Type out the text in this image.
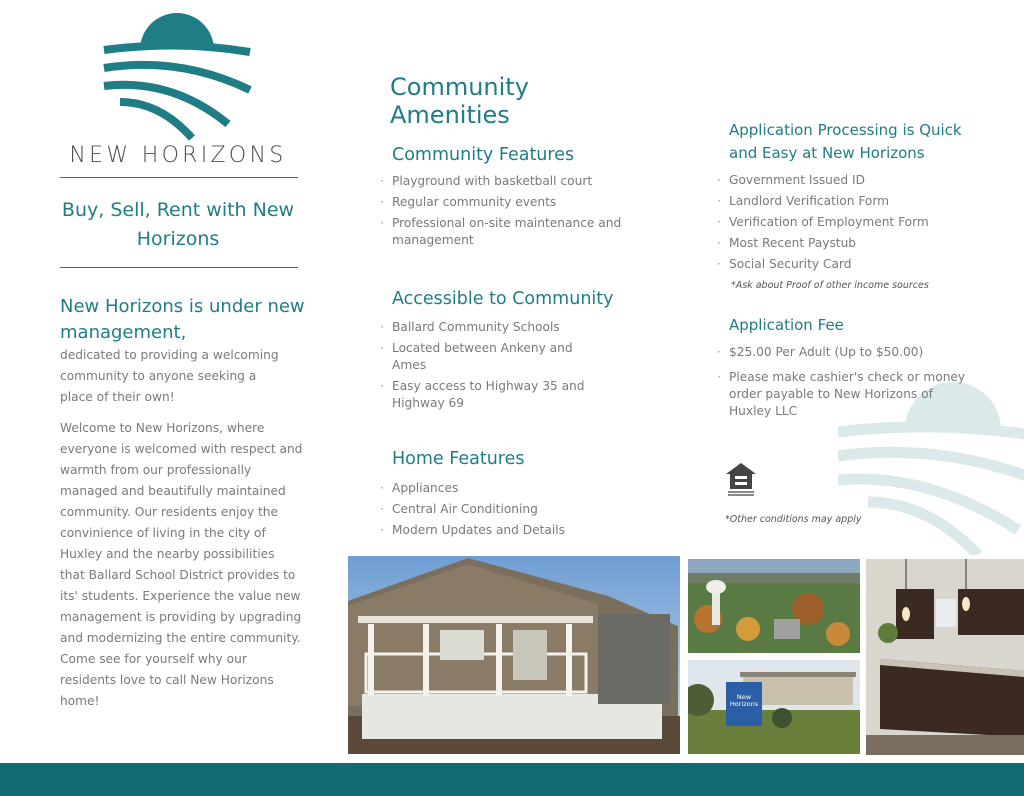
NEW HORIZONS
Buy, Sell, Rent with New Horizons
New Horizons is under new management,
dedicated to providing a welcoming community to anyone seeking a place of their own!
Welcome to New Horizons, where everyone is welcomed with respect and warmth from our professionally managed and beautifully maintained community. Our residents enjoy the convinience of living in the city of Huxley and the nearby possibilities that Ballard School District provides to its' students. Experience the value new management is providing by upgrading and modernizing the entire community. Come see for yourself why our residents love to call New Horizons home!
Community Amenities
Community Features
· Playground with basketball court
· Regular community events
· Professional on-site maintenance and management
Accessible to Community
· Ballard Community Schools
· Located between Ankeny and Ames
· Easy access to Highway 35 and Highway 69
Home Features
· Appliances
· Central Air Conditioning
· Modern Updates and Details
Application Processing is Quick and Easy at New Horizons
· Government Issued ID
· Landlord Verification Form
· Verification of Employment Form
· Most Recent Paystub
· Social Security Card
*Ask about Proof of other income sources
Application Fee
· $25.00 Per Adult (Up to $50.00)
· Please make cashier's check or money order payable to New Horizons of Huxley LLC
*Other conditions may apply
New Horizons
